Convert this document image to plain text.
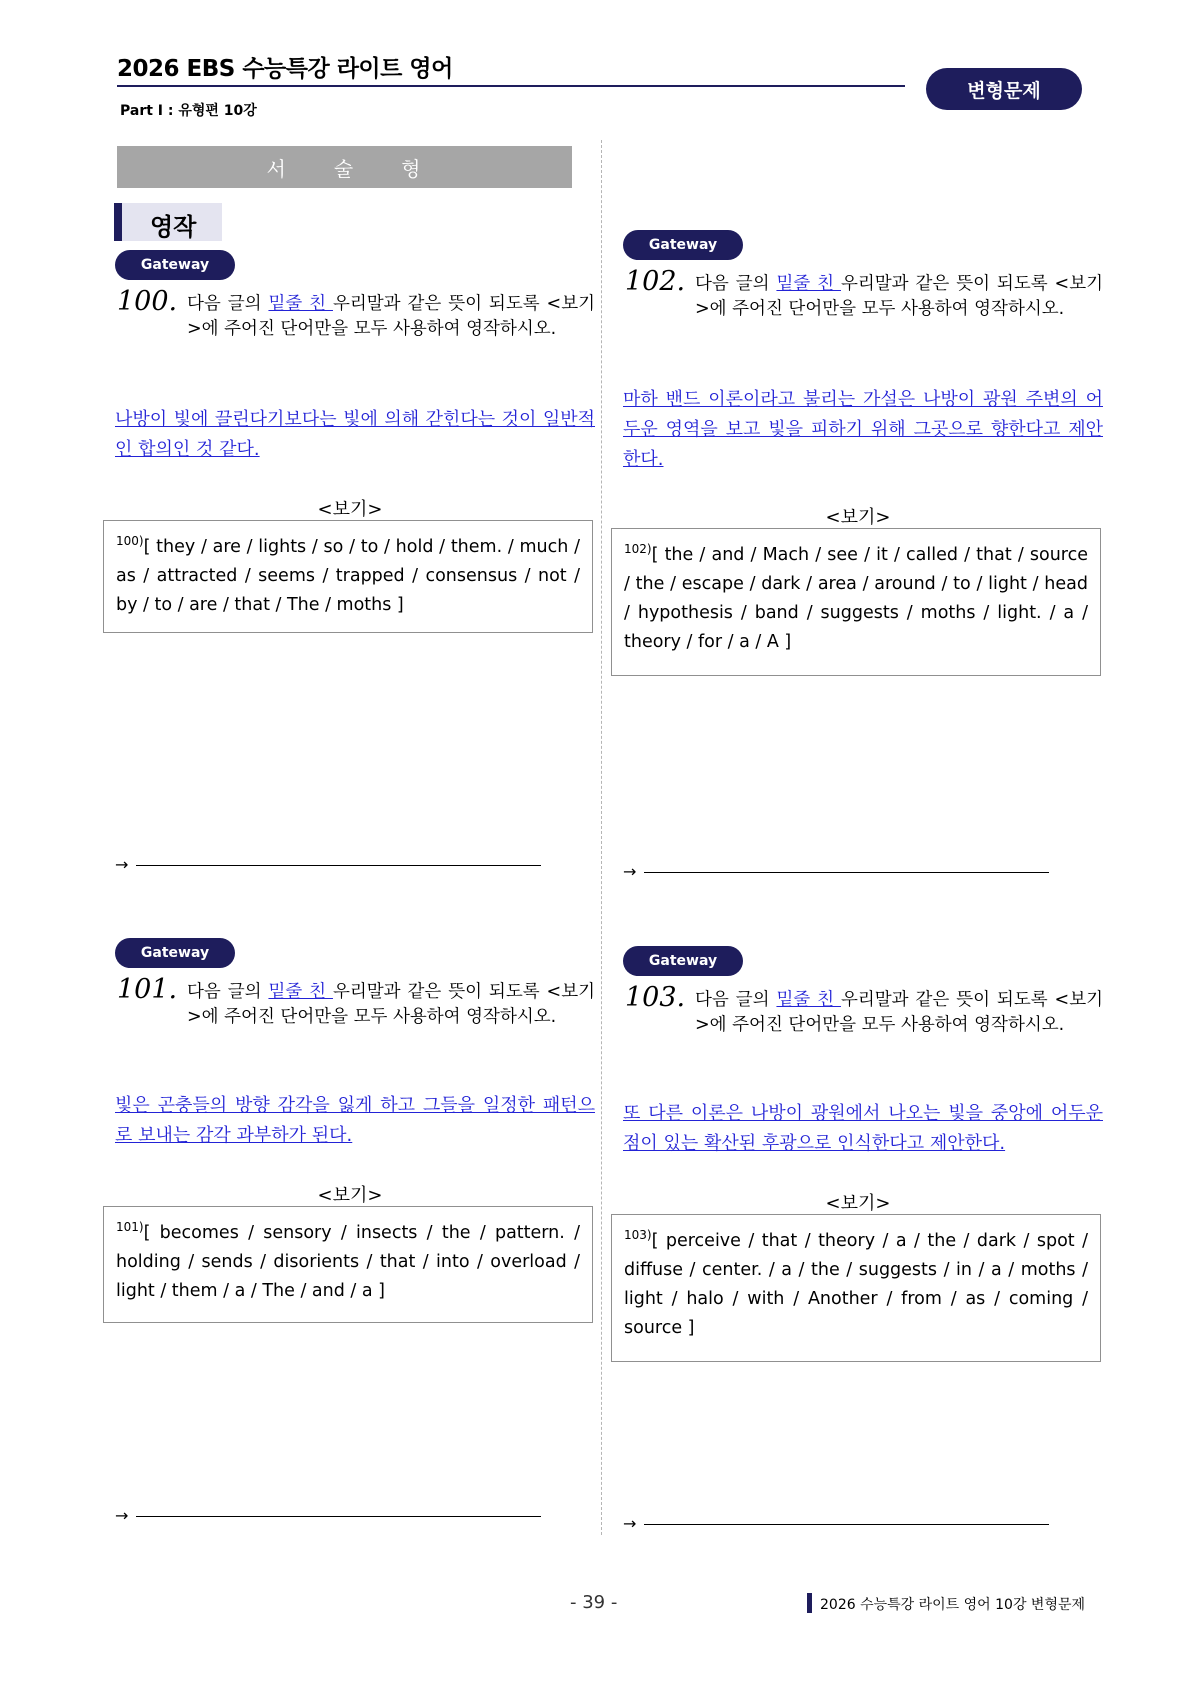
2026 EBS 수능특강 라이트 영어
Part Ⅰ : 유형편 10강
변형문제
서 술 형
영작
Gateway
100. 다음 글의 밑줄 친 우리말과 같은 뜻이 되도록 <보기>에 주어진 단어만을 모두 사용하여 영작하시오.
나방이 빛에 끌린다기보다는 빛에 의해 갇힌다는 것이 일반적인 합의인 것 같다.
<보기>
$^{100)}$[ they / are / lights / so / to / hold / them. / much / as / attracted / seems / trapped / consensus / not / by / to / are / that / The / moths ]
→
Gateway
101. 다음 글의 밑줄 친 우리말과 같은 뜻이 되도록 <보기>에 주어진 단어만을 모두 사용하여 영작하시오.
빛은 곤충들의 방향 감각을 잃게 하고 그들을 일정한 패턴으로 보내는 감각 과부하가 된다.
<보기>
$^{101)}$[ becomes / sensory / insects / the / pattern. / holding / sends / disorients / that / into / overload / light / them / a / The / and / a ]
→
Gateway
102. 다음 글의 밑줄 친 우리말과 같은 뜻이 되도록 <보기>에 주어진 단어만을 모두 사용하여 영작하시오.
마하 밴드 이론이라고 불리는 가설은 나방이 광원 주변의 어두운 영역을 보고 빛을 피하기 위해 그곳으로 향한다고 제안한다.
<보기>
$^{102)}$[ the / and / Mach / see / it / called / that / source / the / escape / dark / area / around / to / light / head / hypothesis / band / suggests / moths / light. / a / theory / for / a / A ]
→
Gateway
103. 다음 글의 밑줄 친 우리말과 같은 뜻이 되도록 <보기>에 주어진 단어만을 모두 사용하여 영작하시오.
또 다른 이론은 나방이 광원에서 나오는 빛을 중앙에 어두운 점이 있는 확산된 후광으로 인식한다고 제안한다.
<보기>
$^{103)}$[ perceive / that / theory / a / the / dark / spot / diffuse / center. / a / the / suggests / in / a / moths / light / halo / with / Another / from / as / coming / source ]
→
- 39 -	2026 수능특강 라이트 영어 10강 변형문제
